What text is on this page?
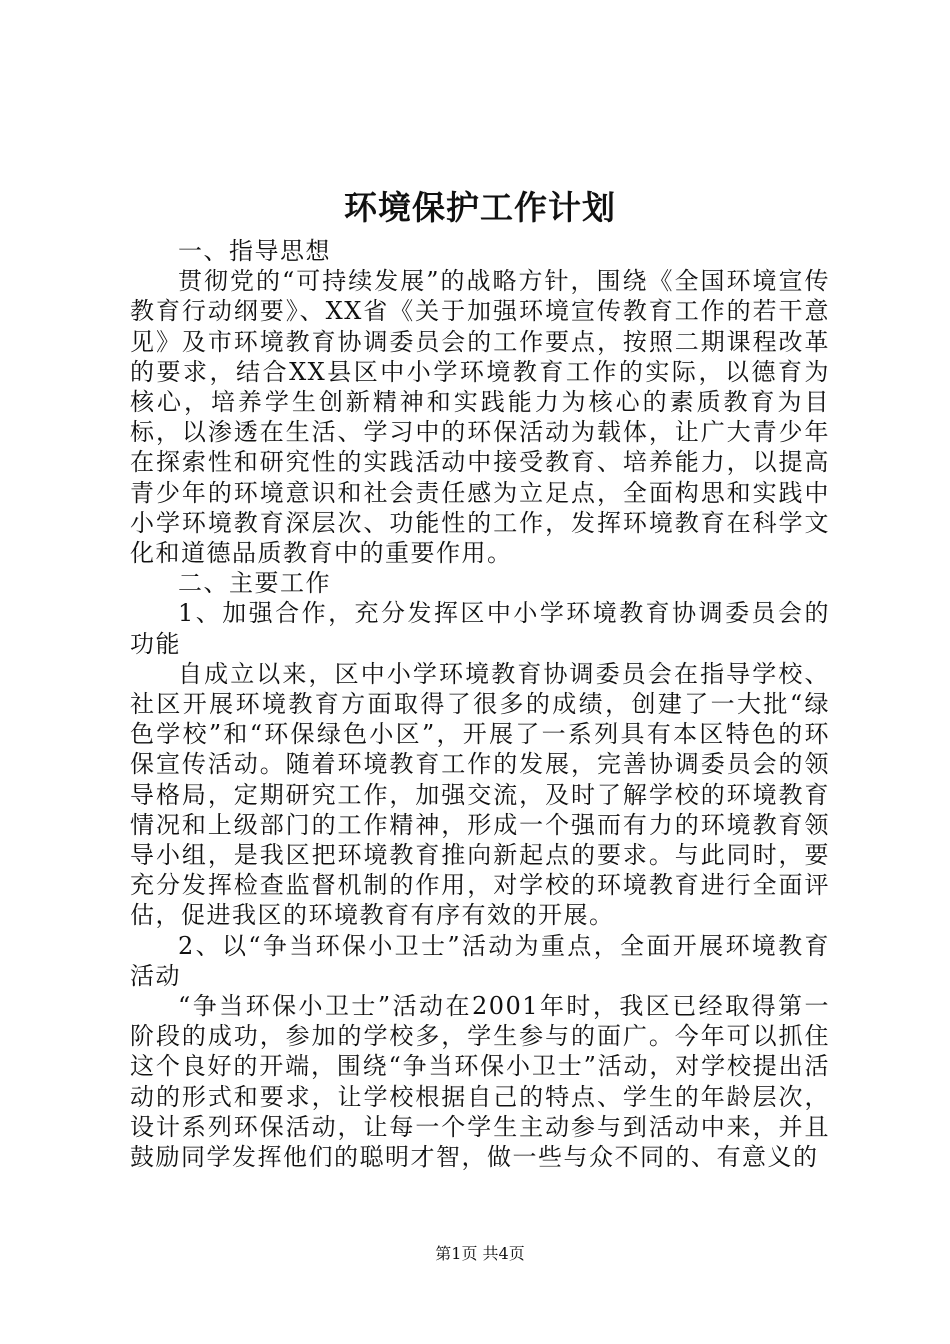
环境保护工作计划

一、指导思想

贯彻党的“可持续发展”的战略方针，围绕《全国环境宣传教育行动纲要》、XX省《关于加强环境宣传教育工作的若干意见》及市环境教育协调委员会的工作要点，按照二期课程改革的要求，结合XX县区中小学环境教育工作的实际，以德育为核心，培养学生创新精神和实践能力为核心的素质教育为目标，以渗透在生活、学习中的环保活动为载体，让广大青少年在探索性和研究性的实践活动中接受教育、培养能力，以提高青少年的环境意识和社会责任感为立足点，全面构思和实践中小学环境教育深层次、功能性的工作，发挥环境教育在科学文化和道德品质教育中的重要作用。

二、主要工作

1、加强合作，充分发挥区中小学环境教育协调委员会的功能

自成立以来，区中小学环境教育协调委员会在指导学校、社区开展环境教育方面取得了很多的成绩，创建了一大批“绿色学校”和“环保绿色小区”，开展了一系列具有本区特色的环保宣传活动。随着环境教育工作的发展，完善协调委员会的领导格局，定期研究工作，加强交流，及时了解学校的环境教育情况和上级部门的工作精神，形成一个强而有力的环境教育领导小组，是我区把环境教育推向新起点的要求。与此同时，要充分发挥检查监督机制的作用，对学校的环境教育进行全面评估，促进我区的环境教育有序有效的开展。

2、以“争当环保小卫士”活动为重点，全面开展环境教育活动

“争当环保小卫士”活动在2001年时，我区已经取得第一阶段的成功，参加的学校多，学生参与的面广。今年可以抓住这个良好的开端，围绕“争当环保小卫士”活动，对学校提出活动的形式和要求，让学校根据自己的特点、学生的年龄层次，设计系列环保活动，让每一个学生主动参与到活动中来，并且鼓励同学发挥他们的聪明才智，做一些与众不同的、有意义的

第1页 共4页
